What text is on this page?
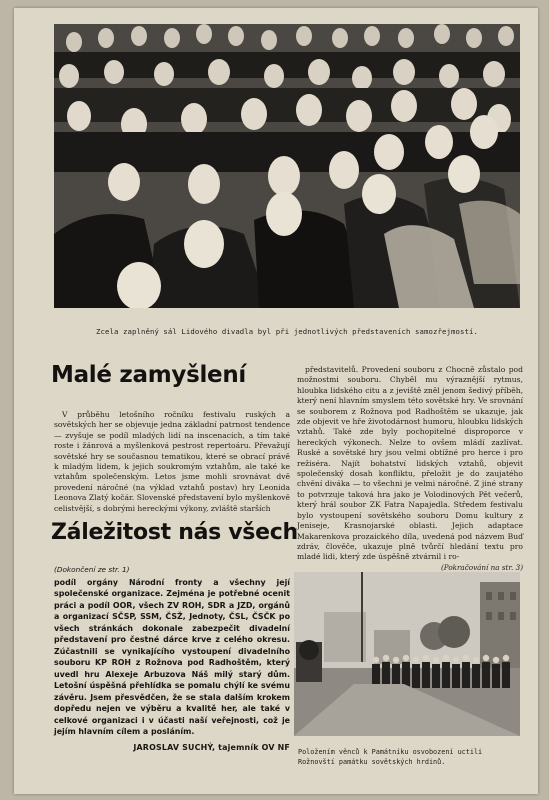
Zcela zaplněný sál Lidového divadla byl při jednotlivých představeních samozřejmostí.
Malé zamyšlení

V průběhu letošního ročníku festivalu ruských a sovětských her se objevuje jedna základní patrnost tendence — zvyšuje se podíl mladých lidí na inscenacích, a tím také roste i žánrová a myšlenková pestrost repertoáru. Převažují sovětské hry se současnou tematikou, které se obrací právě k mladým lidem, k jejich soukromým vztahům, ale také ke vztahům společenským. Letos jsme mohli srovnávat dvě provedení náročné (na výklad vztahů postav) hry Leonida Leonova Zlatý kočár. Slovenské představení bylo myšlenkově celistvější, s dobrými hereckými výkony, zvláště starších

představitelů. Provedení souboru z Chocně zůstalo pod možnostmi souboru. Chyběl mu výraznější rytmus, hloubka lidského citu a z jeviště zněl jenom šedivý příběh, který není hlavním smyslem této sovětské hry. Ve srovnání se souborem z Rožnova pod Radhoštěm se ukazuje, jak zde objevit ve hře životodárnost humoru, hloubku lidských vztahů. Také zde byly pochopitelné disproporce v hereckých výkonech. Nelze to ovšem mládí zazlívat. Ruské a sovětské hry jsou velmi obtížné pro herce i pro režiséra. Najít bohatství lidských vztahů, objevit společenský dosah konfliktu, přeložit je do zaujatého chvění diváka — to všechni je velmi náročné. Z jiné strany to potvrzuje taková hra jako je Volodinových Pět večerů, který hrál soubor ZK Fatra Napajedla. Středem festivalu bylo vystoupení sovětského souboru Domu kultury z Jeniseje, Krasnojarské oblasti. Jejich adaptace Makarenkova prozaického díla, uvedená pod názvem Buď zdráv, člověče, ukazuje plně tvůrčí hledání textu pro mladé lidi, který zde úspěšně ztvárnil i ro-

(Pokračování na str. 3)
Záležitost nás všech
(Dokončení ze str. 1)
podíl orgány Národní fronty a všechny její společenské organizace. Zejména je potřebné ocenit práci a podíl OOR, všech ZV ROH, SDR a JZD, orgánů a organizací SČSP, SSM, ČSŽ, Jednoty, ČSL, ČSČK po všech stránkách dokonale zabezpečit divadelní představení pro čestné dárce krve z celého okresu. Zúčastnili se vynikajícího vystoupení divadelního souboru KP ROH z Rožnova pod Radhoštěm, který uvedl hru Alexeje Arbuzova Náš milý starý dům. Letošní úspěšná přehlídka se pomalu chýlí ke svému závěru. Jsem přesvědčen, že se stala dalším krokem dopředu nejen ve výběru a kvalitě her, ale také v celkové organizaci i v účasti naší veřejnosti, což je jejím hlavním cílem a posláním.
JAROSLAV SUCHÝ, tajemník OV NF
Položením věnců k Památníku osvobození uctili Rožnovští památku sovětských hrdinů.
